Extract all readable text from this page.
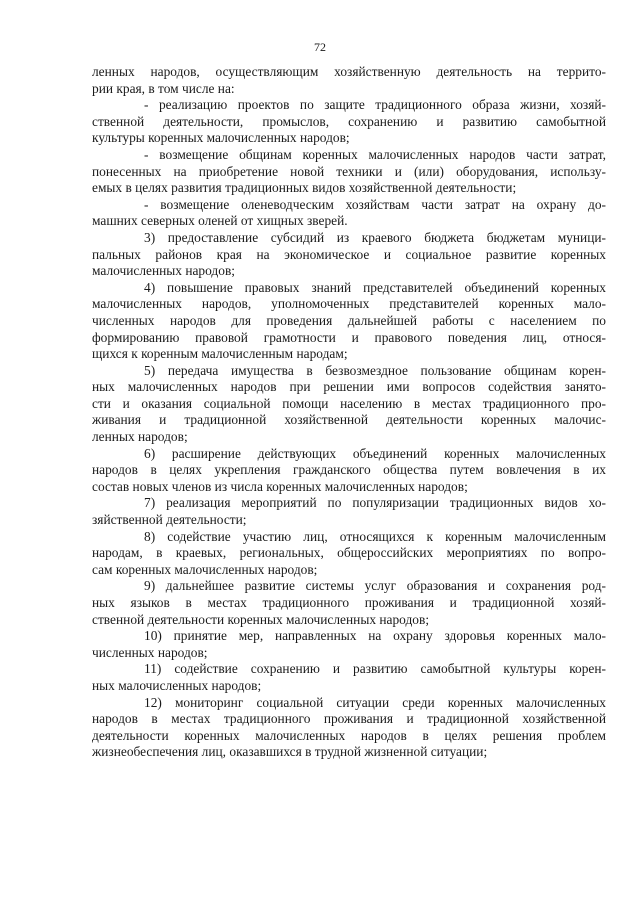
72
ленных народов, осуществляющим хозяйственную деятельность на террито-
рии края, в том числе на:
- реализацию проектов по защите традиционного образа жизни, хозяй-
ственной деятельности, промыслов, сохранению и развитию самобытной
культуры коренных малочисленных народов;
- возмещение общинам коренных малочисленных народов части затрат,
понесенных на приобретение новой техники и (или) оборудования, использу-
емых в целях развития традиционных видов хозяйственной деятельности;
- возмещение оленеводческим хозяйствам части затрат на охрану до-
машних северных оленей от хищных зверей.
3) предоставление субсидий из краевого бюджета бюджетам муници-
пальных районов края на экономическое и социальное развитие коренных
малочисленных народов;
4) повышение правовых знаний представителей объединений коренных
малочисленных народов, уполномоченных представителей коренных мало-
численных народов для проведения дальнейшей работы с населением по
формированию правовой грамотности и правового поведения лиц, относя-
щихся к коренным малочисленным народам;
5) передача имущества в безвозмездное пользование общинам корен-
ных малочисленных народов при решении ими вопросов содействия занято-
сти и оказания социальной помощи населению в местах традиционного про-
живания и традиционной хозяйственной деятельности коренных малочис-
ленных народов;
6) расширение действующих объединений коренных малочисленных
народов в целях укрепления гражданского общества путем вовлечения в их
состав новых членов из числа коренных малочисленных народов;
7) реализация мероприятий по популяризации традиционных видов хо-
зяйственной деятельности;
8) содействие участию лиц, относящихся к коренным малочисленным
народам, в краевых, региональных, общероссийских мероприятиях по вопро-
сам коренных малочисленных народов;
9) дальнейшее развитие системы услуг образования и сохранения род-
ных языков в местах традиционного проживания и традиционной хозяй-
ственной деятельности коренных малочисленных народов;
10) принятие мер, направленных на охрану здоровья коренных мало-
численных народов;
11) содействие сохранению и развитию самобытной культуры корен-
ных малочисленных народов;
12) мониторинг социальной ситуации среди коренных малочисленных
народов в местах традиционного проживания и традиционной хозяйственной
деятельности коренных малочисленных народов в целях решения проблем
жизнеобеспечения лиц, оказавшихся в трудной жизненной ситуации;
